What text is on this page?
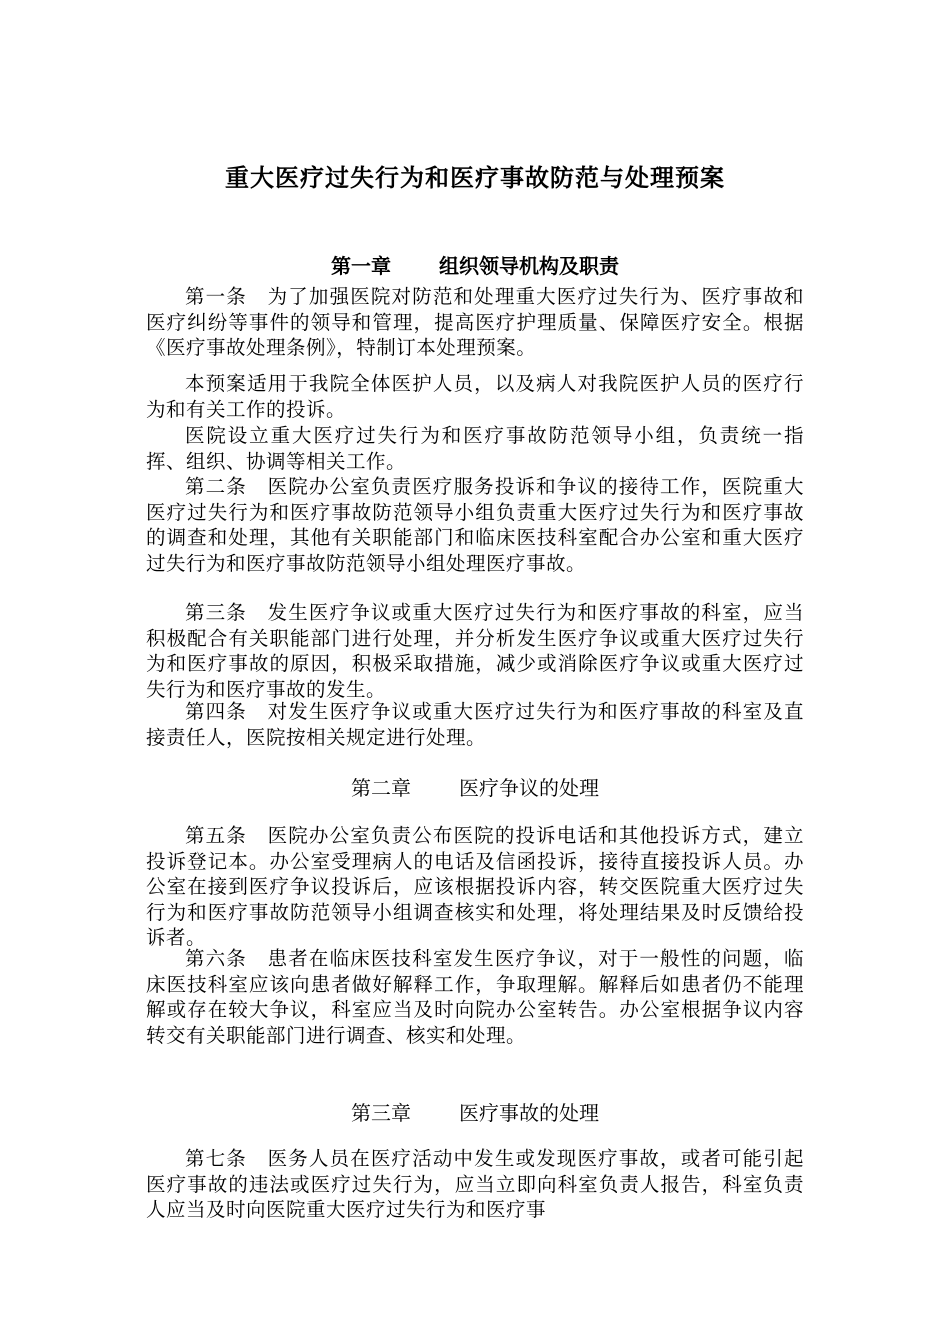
重大医疗过失行为和医疗事故防范与处理预案
第一章 组织领导机构及职责

第一条　为了加强医院对防范和处理重大医疗过失行为、医疗事故和医疗纠纷等事件的领导和管理，提高医疗护理质量、保障医疗安全。根据《医疗事故处理条例》，特制订本处理预案。

本预案适用于我院全体医护人员，以及病人对我院医护人员的医疗行为和有关工作的投诉。

医院设立重大医疗过失行为和医疗事故防范领导小组，负责统一指挥、组织、协调等相关工作。

第二条　医院办公室负责医疗服务投诉和争议的接待工作，医院重大医疗过失行为和医疗事故防范领导小组负责重大医疗过失行为和医疗事故的调查和处理，其他有关职能部门和临床医技科室配合办公室和重大医疗过失行为和医疗事故防范领导小组处理医疗事故。

第三条　发生医疗争议或重大医疗过失行为和医疗事故的科室，应当积极配合有关职能部门进行处理，并分析发生医疗争议或重大医疗过失行为和医疗事故的原因，积极采取措施，减少或消除医疗争议或重大医疗过失行为和医疗事故的发生。

第四条　对发生医疗争议或重大医疗过失行为和医疗事故的科室及直接责任人，医院按相关规定进行处理。

第二章 医疗争议的处理

第五条　医院办公室负责公布医院的投诉电话和其他投诉方式，建立投诉登记本。办公室受理病人的电话及信函投诉，接待直接投诉人员。办公室在接到医疗争议投诉后，应该根据投诉内容，转交医院重大医疗过失行为和医疗事故防范领导小组调查核实和处理，将处理结果及时反馈给投诉者。

第六条　患者在临床医技科室发生医疗争议，对于一般性的问题，临床医技科室应该向患者做好解释工作，争取理解。解释后如患者仍不能理解或存在较大争议，科室应当及时向院办公室转告。办公室根据争议内容转交有关职能部门进行调查、核实和处理。

第三章 医疗事故的处理

第七条　医务人员在医疗活动中发生或发现医疗事故，或者可能引起医疗事故的违法或医疗过失行为，应当立即向科室负责人报告，科室负责人应当及时向医院重大医疗过失行为和医疗事
